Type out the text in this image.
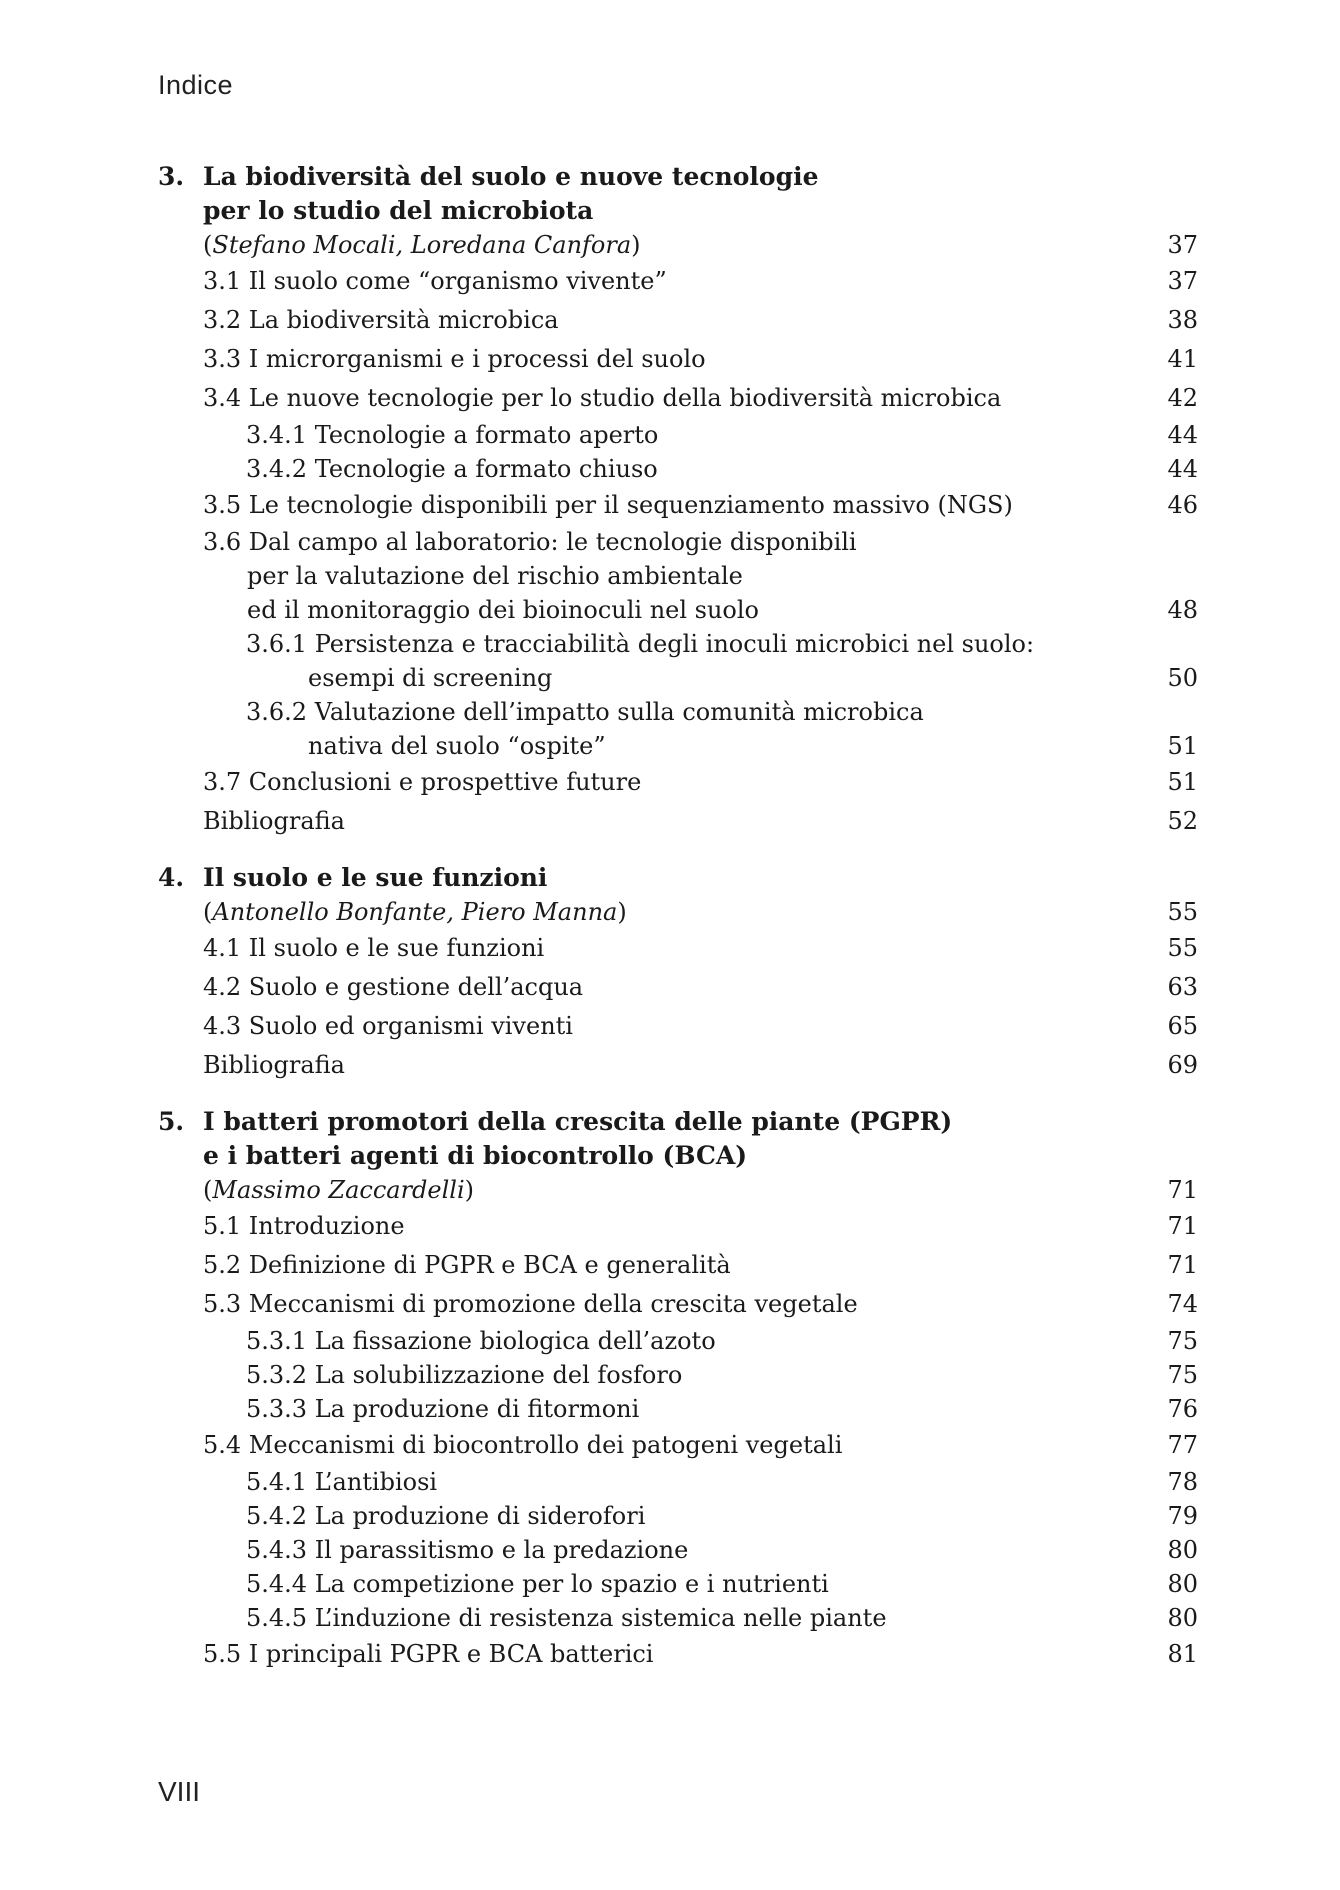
Indice
3. La biodiversità del suolo e nuove tecnologie
per lo studio del microbiota
(Stefano Mocali, Loredana Canfora)	37
3.1 Il suolo come “organismo vivente”	37
3.2 La biodiversità microbica	38
3.3 I microrganismi e i processi del suolo	41
3.4 Le nuove tecnologie per lo studio della biodiversità microbica	42
3.4.1 Tecnologie a formato aperto	44
3.4.2 Tecnologie a formato chiuso	44
3.5 Le tecnologie disponibili per il sequenziamento massivo (NGS)	46
3.6 Dal campo al laboratorio: le tecnologie disponibili
per la valutazione del rischio ambientale
ed il monitoraggio dei bioinoculi nel suolo	48
3.6.1 Persistenza e tracciabilità degli inoculi microbici nel suolo:
esempi di screening	50
3.6.2 Valutazione dell’impatto sulla comunità microbica
nativa del suolo “ospite”	51
3.7 Conclusioni e prospettive future	51
Bibliografia	52
4. Il suolo e le sue funzioni
(Antonello Bonfante, Piero Manna)	55
4.1 Il suolo e le sue funzioni	55
4.2 Suolo e gestione dell’acqua	63
4.3 Suolo ed organismi viventi	65
Bibliografia	69
5. I batteri promotori della crescita delle piante (PGPR)
e i batteri agenti di biocontrollo (BCA)
(Massimo Zaccardelli)	71
5.1 Introduzione	71
5.2 Definizione di PGPR e BCA e generalità	71
5.3 Meccanismi di promozione della crescita vegetale	74
5.3.1 La fissazione biologica dell’azoto	75
5.3.2 La solubilizzazione del fosforo	75
5.3.3 La produzione di fitormoni	76
5.4 Meccanismi di biocontrollo dei patogeni vegetali	77
5.4.1 L’antibiosi	78
5.4.2 La produzione di siderofori	79
5.4.3 Il parassitismo e la predazione	80
5.4.4 La competizione per lo spazio e i nutrienti	80
5.4.5 L’induzione di resistenza sistemica nelle piante	80
5.5 I principali PGPR e BCA batterici	81
VIII
